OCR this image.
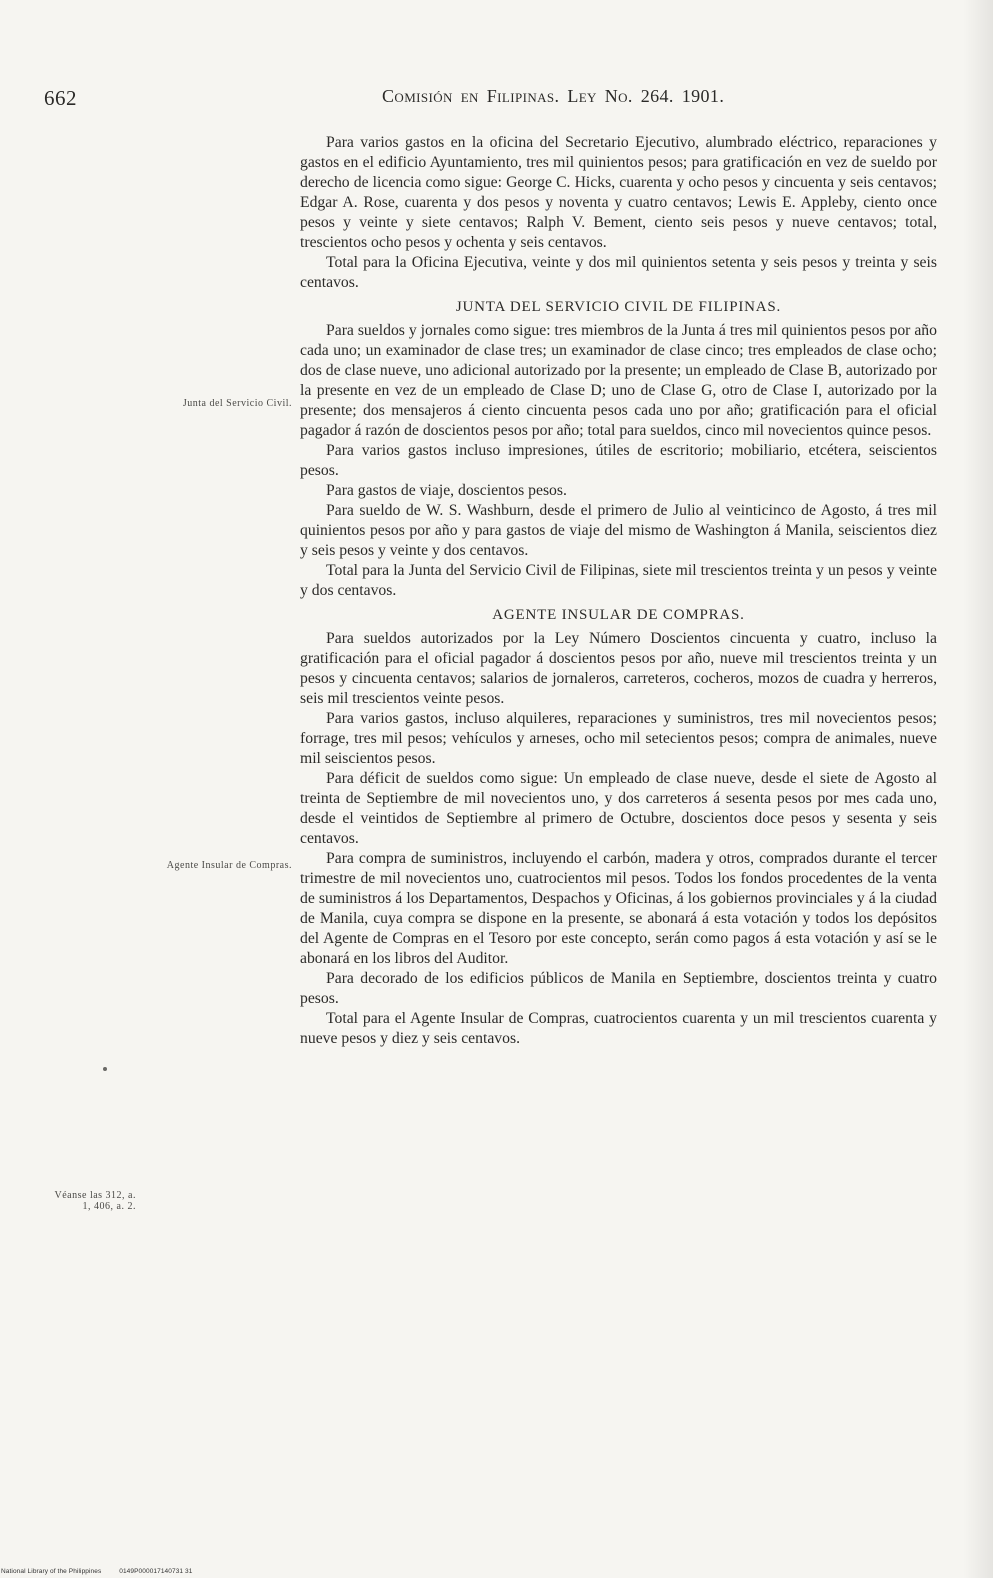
662	Comisión en Filipinas. Ley No. 264. 1901.
Junta del Servicio Civil.
Agente Insular de Compras.
Véanse las 312, a. 1, 406, a. 2.

Para varios gastos en la oficina del Secretario Ejecutivo, alumbrado eléctrico, reparaciones y gastos en el edificio Ayuntamiento, tres mil quinientos pesos; para gratificación en vez de sueldo por derecho de licencia como sigue: George C. Hicks, cuarenta y ocho pesos y cincuenta y seis centavos; Edgar A. Rose, cuarenta y dos pesos y noventa y cuatro centavos; Lewis E. Appleby, ciento once pesos y veinte y siete centavos; Ralph V. Bement, ciento seis pesos y nueve centavos; total, trescientos ocho pesos y ochenta y seis centavos.

Total para la Oficina Ejecutiva, veinte y dos mil quinientos setenta y seis pesos y treinta y seis centavos.

JUNTA DEL SERVICIO CIVIL DE FILIPINAS.

Para sueldos y jornales como sigue: tres miembros de la Junta á tres mil quinientos pesos por año cada uno; un examinador de clase tres; un examinador de clase cinco; tres empleados de clase ocho; dos de clase nueve, uno adicional autorizado por la presente; un empleado de Clase B, autorizado por la presente en vez de un empleado de Clase D; uno de Clase G, otro de Clase I, autorizado por la presente; dos mensajeros á ciento cincuenta pesos cada uno por año; gratificación para el oficial pagador á razón de doscientos pesos por año; total para sueldos, cinco mil novecientos quince pesos.

Para varios gastos incluso impresiones, útiles de escritorio; mobiliario, etcétera, seiscientos pesos.

Para gastos de viaje, doscientos pesos.

Para sueldo de W. S. Washburn, desde el primero de Julio al veinticinco de Agosto, á tres mil quinientos pesos por año y para gastos de viaje del mismo de Washington á Manila, seiscientos diez y seis pesos y veinte y dos centavos.

Total para la Junta del Servicio Civil de Filipinas, siete mil trescientos treinta y un pesos y veinte y dos centavos.

AGENTE INSULAR DE COMPRAS.

Para sueldos autorizados por la Ley Número Doscientos cincuenta y cuatro, incluso la gratificación para el oficial pagador á doscientos pesos por año, nueve mil trescientos treinta y un pesos y cincuenta centavos; salarios de jornaleros, carreteros, cocheros, mozos de cuadra y herreros, seis mil trescientos veinte pesos.

Para varios gastos, incluso alquileres, reparaciones y suministros, tres mil novecientos pesos; forrage, tres mil pesos; vehículos y arneses, ocho mil setecientos pesos; compra de animales, nueve mil seiscientos pesos.

Para déficit de sueldos como sigue: Un empleado de clase nueve, desde el siete de Agosto al treinta de Septiembre de mil novecientos uno, y dos carreteros á sesenta pesos por mes cada uno, desde el veintidos de Septiembre al primero de Octubre, doscientos doce pesos y sesenta y seis centavos.

Para compra de suministros, incluyendo el carbón, madera y otros, comprados durante el tercer trimestre de mil novecientos uno, cuatrocientos mil pesos. Todos los fondos procedentes de la venta de suministros á los Departamentos, Despachos y Oficinas, á los gobiernos provinciales y á la ciudad de Manila, cuya compra se dispone en la presente, se abonará á esta votación y todos los depósitos del Agente de Compras en el Tesoro por este concepto, serán como pagos á esta votación y así se le abonará en los libros del Auditor.

Para decorado de los edificios públicos de Manila en Septiembre, doscientos treinta y cuatro pesos.

Total para el Agente Insular de Compras, cuatrocientos cuarenta y un mil trescientos cuarenta y nueve pesos y diez y seis centavos.

National Library of the Philippines	0149P000017140731 31
